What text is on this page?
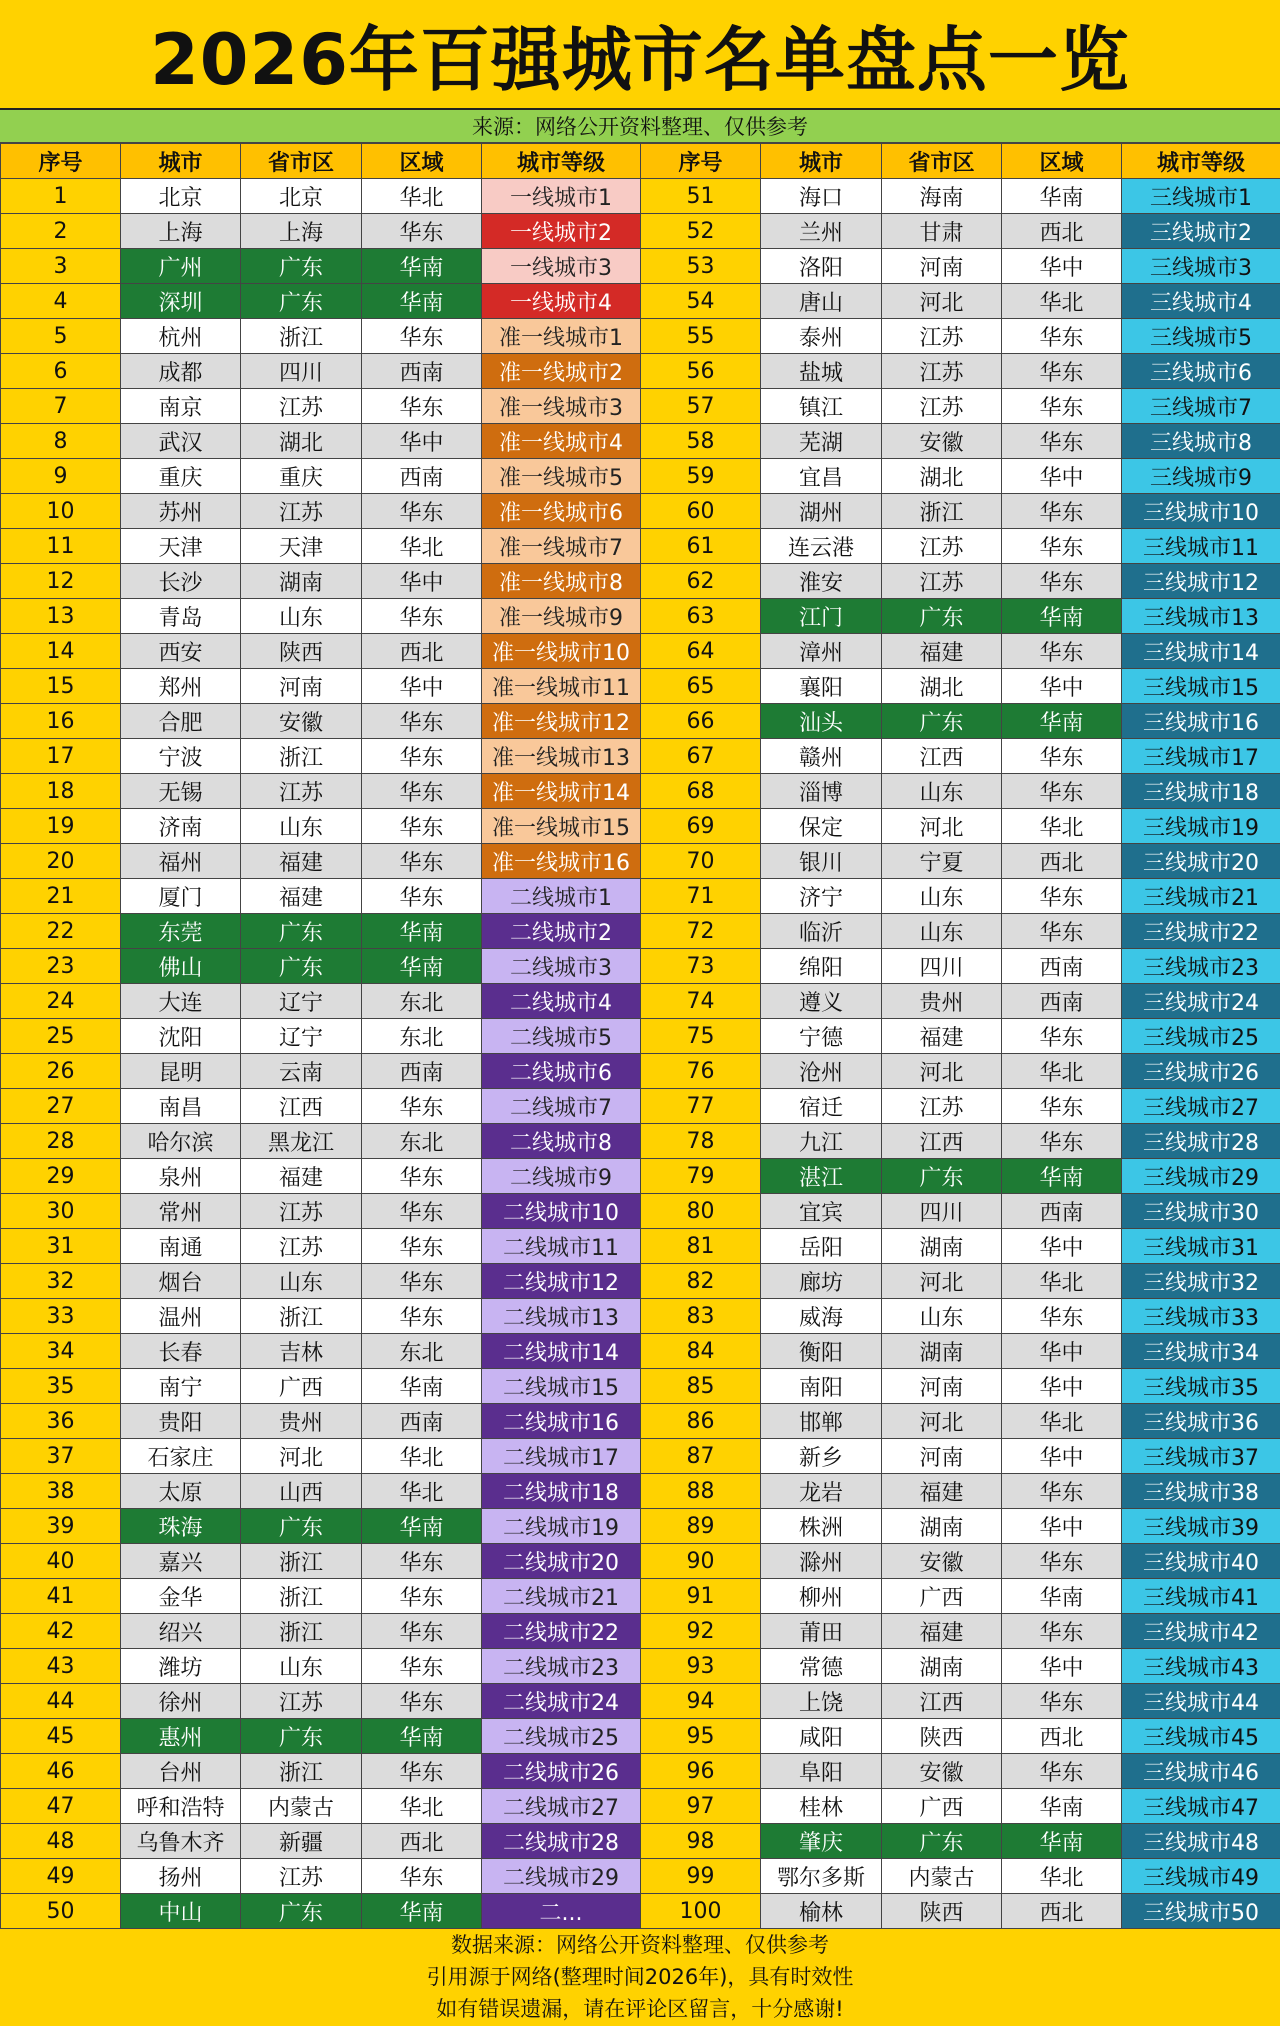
2026年百强城市名单盘点一览
来源：网络公开资料整理、仅供参考
序号	城市	省市区	区域	城市等级	序号	城市	省市区	区域	城市等级
1	北京	北京	华北	一线城市1	51	海口	海南	华南	三线城市1
2	上海	上海	华东	一线城市2	52	兰州	甘肃	西北	三线城市2
3	广州	广东	华南	一线城市3	53	洛阳	河南	华中	三线城市3
4	深圳	广东	华南	一线城市4	54	唐山	河北	华北	三线城市4
5	杭州	浙江	华东	准一线城市1	55	泰州	江苏	华东	三线城市5
6	成都	四川	西南	准一线城市2	56	盐城	江苏	华东	三线城市6
7	南京	江苏	华东	准一线城市3	57	镇江	江苏	华东	三线城市7
8	武汉	湖北	华中	准一线城市4	58	芜湖	安徽	华东	三线城市8
9	重庆	重庆	西南	准一线城市5	59	宜昌	湖北	华中	三线城市9
10	苏州	江苏	华东	准一线城市6	60	湖州	浙江	华东	三线城市10
11	天津	天津	华北	准一线城市7	61	连云港	江苏	华东	三线城市11
12	长沙	湖南	华中	准一线城市8	62	淮安	江苏	华东	三线城市12
13	青岛	山东	华东	准一线城市9	63	江门	广东	华南	三线城市13
14	西安	陕西	西北	准一线城市10	64	漳州	福建	华东	三线城市14
15	郑州	河南	华中	准一线城市11	65	襄阳	湖北	华中	三线城市15
16	合肥	安徽	华东	准一线城市12	66	汕头	广东	华南	三线城市16
17	宁波	浙江	华东	准一线城市13	67	赣州	江西	华东	三线城市17
18	无锡	江苏	华东	准一线城市14	68	淄博	山东	华东	三线城市18
19	济南	山东	华东	准一线城市15	69	保定	河北	华北	三线城市19
20	福州	福建	华东	准一线城市16	70	银川	宁夏	西北	三线城市20
21	厦门	福建	华东	二线城市1	71	济宁	山东	华东	三线城市21
22	东莞	广东	华南	二线城市2	72	临沂	山东	华东	三线城市22
23	佛山	广东	华南	二线城市3	73	绵阳	四川	西南	三线城市23
24	大连	辽宁	东北	二线城市4	74	遵义	贵州	西南	三线城市24
25	沈阳	辽宁	东北	二线城市5	75	宁德	福建	华东	三线城市25
26	昆明	云南	西南	二线城市6	76	沧州	河北	华北	三线城市26
27	南昌	江西	华东	二线城市7	77	宿迁	江苏	华东	三线城市27
28	哈尔滨	黑龙江	东北	二线城市8	78	九江	江西	华东	三线城市28
29	泉州	福建	华东	二线城市9	79	湛江	广东	华南	三线城市29
30	常州	江苏	华东	二线城市10	80	宜宾	四川	西南	三线城市30
31	南通	江苏	华东	二线城市11	81	岳阳	湖南	华中	三线城市31
32	烟台	山东	华东	二线城市12	82	廊坊	河北	华北	三线城市32
33	温州	浙江	华东	二线城市13	83	威海	山东	华东	三线城市33
34	长春	吉林	东北	二线城市14	84	衡阳	湖南	华中	三线城市34
35	南宁	广西	华南	二线城市15	85	南阳	河南	华中	三线城市35
36	贵阳	贵州	西南	二线城市16	86	邯郸	河北	华北	三线城市36
37	石家庄	河北	华北	二线城市17	87	新乡	河南	华中	三线城市37
38	太原	山西	华北	二线城市18	88	龙岩	福建	华东	三线城市38
39	珠海	广东	华南	二线城市19	89	株洲	湖南	华中	三线城市39
40	嘉兴	浙江	华东	二线城市20	90	滁州	安徽	华东	三线城市40
41	金华	浙江	华东	二线城市21	91	柳州	广西	华南	三线城市41
42	绍兴	浙江	华东	二线城市22	92	莆田	福建	华东	三线城市42
43	潍坊	山东	华东	二线城市23	93	常德	湖南	华中	三线城市43
44	徐州	江苏	华东	二线城市24	94	上饶	江西	华东	三线城市44
45	惠州	广东	华南	二线城市25	95	咸阳	陕西	西北	三线城市45
46	台州	浙江	华东	二线城市26	96	阜阳	安徽	华东	三线城市46
47	呼和浩特	内蒙古	华北	二线城市27	97	桂林	广西	华南	三线城市47
48	乌鲁木齐	新疆	西北	二线城市28	98	肇庆	广东	华南	三线城市48
49	扬州	江苏	华东	二线城市29	99	鄂尔多斯	内蒙古	华北	三线城市49
50	中山	广东	华南	二...	100	榆林	陕西	西北	三线城市50
数据来源：网络公开资料整理、仅供参考
引用源于网络(整理时间2026年)，具有时效性
如有错误遗漏，请在评论区留言，十分感谢!
